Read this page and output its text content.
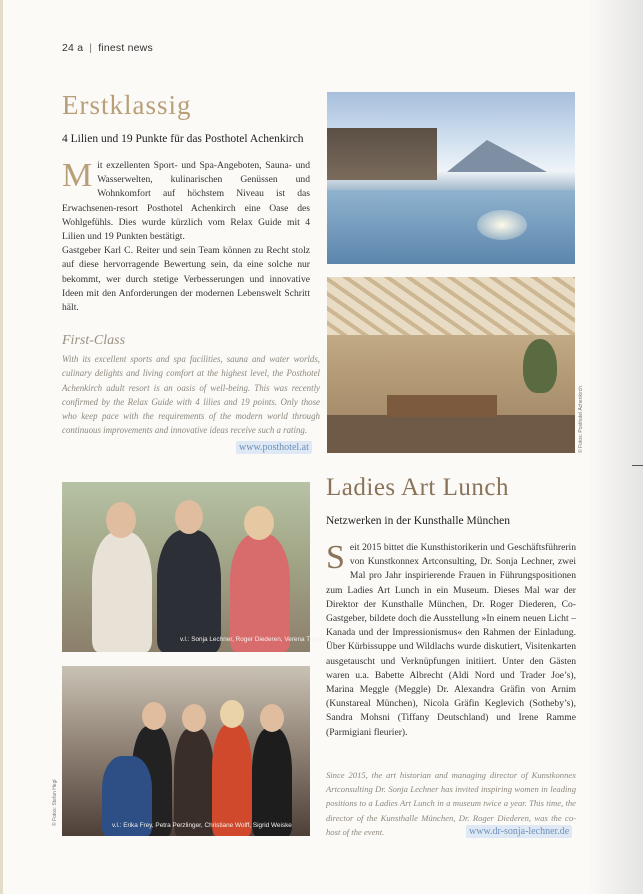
24 a | finest news
Erstklassig
4 Lilien und 19 Punkte für das Posthotel Achenkirch
Mit exzellenten Sport- und Spa-Angeboten, Sauna- und Wasserwelten, kulinarischen Genüssen und Wohnkomfort auf höchstem Niveau ist das Erwachsenen-resort Posthotel Achenkirch eine Oase des Wohlgefühls. Dies wurde kürzlich vom Relax Guide mit 4 Lilien und 19 Punkten bestätigt.
Gastgeber Karl C. Reiter und sein Team können zu Recht stolz auf diese hervorragende Bewertung sein, da eine solche nur bekommt, wer durch stetige Verbesserungen und innovative Ideen mit den Anforderungen der modernen Lebenswelt Schritt hält.
First-Class
With its excellent sports and spa facilities, sauna and water worlds, culinary delights and living comfort at the highest level, the Posthotel Achenkirch adult resort is an oasis of well-being. This was recently confirmed by the Relax Guide with 4 lilies and 19 points. Only those who keep pace with the requirements of the modern world through continuous improvements and innovative ideas receive such a rating.
www.posthotel.at	© Fotos: Posthotel Achenkirch
v.l.: Sonja Lechner, Roger Diederen, Verena Tröger
v.l.: Erika Frey, Petra Perzlinger, Christiane Wolff, Sigrid Weiske
© Fotos: Stefan Hegl
Ladies Art Lunch
Netzwerken in der Kunsthalle München
Seit 2015 bittet die Kunsthistorikerin und Geschäftsführerin von Kunstkonnex Artconsulting, Dr. Sonja Lechner, zwei Mal pro Jahr inspirierende Frauen in Führungspositionen zum Ladies Art Lunch in ein Museum. Dieses Mal war der Direktor der Kunsthalle München, Dr. Roger Diederen, Co-Gastgeber, bildete doch die Ausstellung »In einem neuen Licht – Kanada und der Impressionismus« den Rahmen der Einladung. Über Kürbissuppe und Wildlachs wurde diskutiert, Visitenkarten ausgetauscht und Verknüpfungen initiiert. Unter den Gästen waren u.a. Babette Albrecht (Aldi Nord und Trader Joe’s), Marina Meggle (Meggle) Dr. Alexandra Gräfin von Arnim (Kunstareal München), Nicola Gräfin Keglevich (Sotheby’s), Sandra Mohsni (Tiffany Deutschland) und Irene Ramme (Parmigiani fleurier).
Since 2015, the art historian and managing director of Kunstkonnex Artconsulting Dr. Sonja Lechner has invited inspiring women in leading positions to a Ladies Art Lunch in a museum twice a year. This time, the director of the Kunsthalle München, Dr. Roger Diederen, was the co-host of the event.	www.dr-sonja-lechner.de
